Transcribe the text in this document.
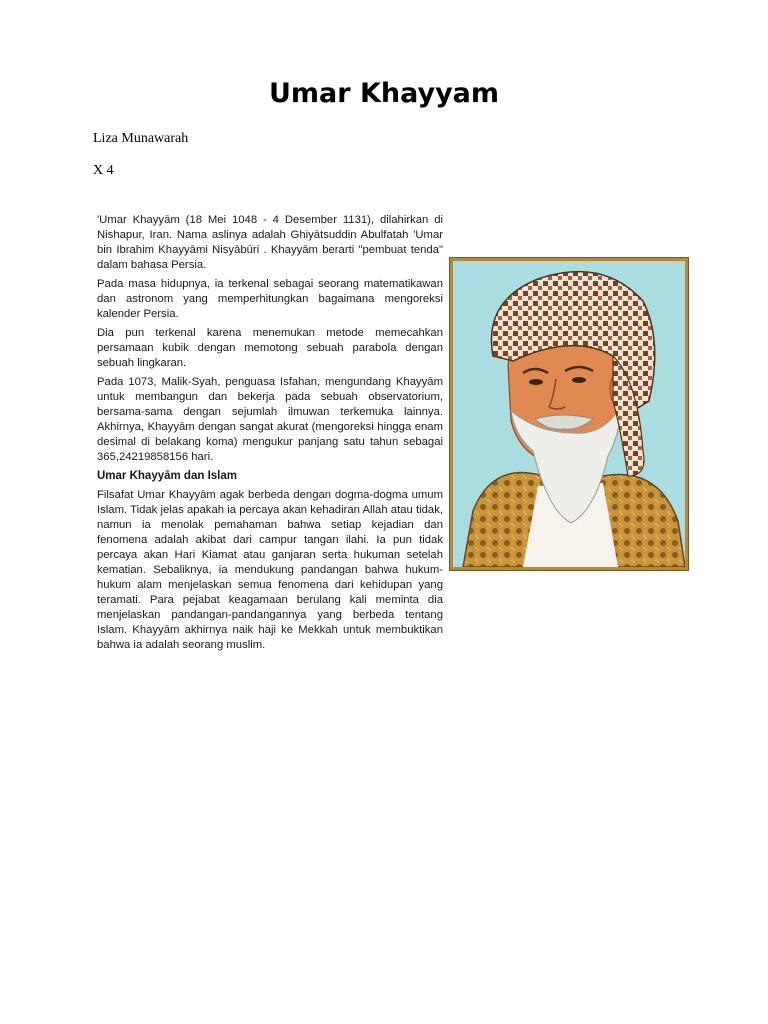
Umar Khayyam

Liza Munawarah

X 4

'Umar Khayyām (18 Mei 1048 - 4 Desember 1131), dilahirkan di Nishapur, Iran. Nama aslinya adalah Ghiyātsuddin Abulfatah 'Umar bin Ibrahim Khayyāmi Nisyābūri . Khayyām berarti "pembuat tenda" dalam bahasa Persia.

Pada masa hidupnya, ia terkenal sebagai seorang matematikawan dan astronom yang memperhitungkan bagaimana mengoreksi kalender Persia.

Dia pun terkenal karena menemukan metode memecahkan persamaan kubik dengan memotong sebuah parabola dengan sebuah lingkaran.

Pada 1073, Malik-Syah, penguasa Isfahan, mengundang Khayyām untuk membangun dan bekerja pada sebuah observatorium, bersama-sama dengan sejumlah ilmuwan terkemuka lainnya. Akhirnya, Khayyām dengan sangat akurat (mengoreksi hingga enam desimal di belakang koma) mengukur panjang satu tahun sebagai 365,24219858156 hari.

Umar Khayyām dan Islam

Filsafat Umar Khayyām agak berbeda dengan dogma-dogma umum Islam. Tidak jelas apakah ia percaya akan kehadiran Allah atau tidak, namun ia menolak pemahaman bahwa setiap kejadian dan fenomena adalah akibat dari campur tangan ilahi. Ia pun tidak percaya akan Hari Kiamat atau ganjaran serta hukuman setelah kematian. Sebaliknya, ia mendukung pandangan bahwa hukum-hukum alam menjelaskan semua fenomena dari kehidupan yang teramati. Para pejabat keagamaan berulang kali meminta dia menjelaskan pandangan-pandangannya yang berbeda tentang Islam. Khayyām akhirnya naik haji ke Mekkah untuk membuktikan bahwa ia adalah seorang muslim.
